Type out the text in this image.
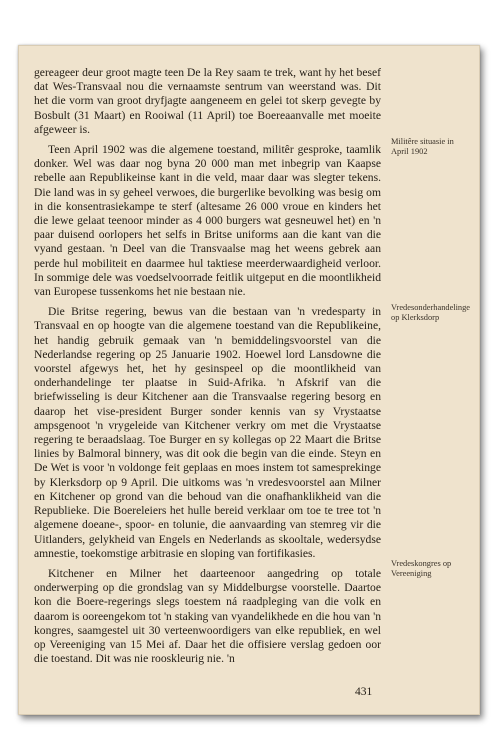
gereageer deur groot magte teen De la Rey saam te trek, want hy het besef dat Wes-Transvaal nou die vernaamste sentrum van weerstand was. Dit het die vorm van groot dryfjagte aangeneem en gelei tot skerp gevegte by Bosbult (31 Maart) en Rooiwal (11 April) toe Boereaanvalle met moeite afgeweer is.

Teen April 1902 was die algemene toestand, militêr gesproke, taamlik donker. Wel was daar nog byna 20 000 man met inbegrip van Kaapse rebelle aan Republikeinse kant in die veld, maar daar was slegter tekens. Die land was in sy geheel verwoes, die burgerlike bevolking was besig om in die konsentrasiekampe te sterf (altesame 26 000 vroue en kinders het die lewe gelaat teenoor minder as 4 000 burgers wat gesneuwel het) en 'n paar duisend oorlopers het selfs in Britse uniforms aan die kant van die vyand gestaan. 'n Deel van die Transvaalse mag het weens gebrek aan perde hul mobiliteit en daarmee hul taktiese meerderwaardigheid verloor. In sommige dele was voedselvoorrade feitlik uitgeput en die moontlikheid van Europese tussenkoms het nie bestaan nie.

Die Britse regering, bewus van die bestaan van 'n vredesparty in Transvaal en op hoogte van die algemene toestand van die Republikeine, het handig gebruik gemaak van 'n bemiddelingsvoorstel van die Nederlandse regering op 25 Januarie 1902. Hoewel lord Lansdowne die voorstel afgewys het, het hy gesinspeel op die moontlikheid van onderhandelinge ter plaatse in Suid-Afrika. 'n Afskrif van die briefwisseling is deur Kitchener aan die Transvaalse regering besorg en daarop het vise-president Burger sonder kennis van sy Vrystaatse ampsgenoot 'n vrygeleide van Kitchener verkry om met die Vrystaatse regering te beraadslaag. Toe Burger en sy kollegas op 22 Maart die Britse linies by Balmoral binnery, was dit ook die begin van die einde. Steyn en De Wet is voor 'n voldonge feit geplaas en moes instem tot samesprekinge by Klerksdorp op 9 April. Die uitkoms was 'n vredesvoorstel aan Milner en Kitchener op grond van die behoud van die onafhanklikheid van die Republieke. Die Boereleiers het hulle bereid verklaar om toe te tree tot 'n algemene doeane-, spoor- en tolunie, die aanvaarding van stemreg vir die Uitlanders, gelykheid van Engels en Nederlands as skooltale, wedersydse amnestie, toekomstige arbitrasie en sloping van fortifikasies.

Kitchener en Milner het daarteenoor aangedring op totale onderwerping op die grondslag van sy Middelburgse voorstelle. Daartoe kon die Boere-regerings slegs toestem ná raadpleging van die volk en daarom is ooreengekom tot 'n staking van vyandelikhede en die hou van 'n kongres, saamgestel uit 30 verteenwoordigers van elke republiek, en wel op Vereeniging van 15 Mei af. Daar het die offisiere verslag gedoen oor die toestand. Dit was nie rooskleurig nie. 'n

Militêre situasie in April 1902
Vredesonderhandelinge op Klerksdorp
Vredeskongres op Vereeniging
431
